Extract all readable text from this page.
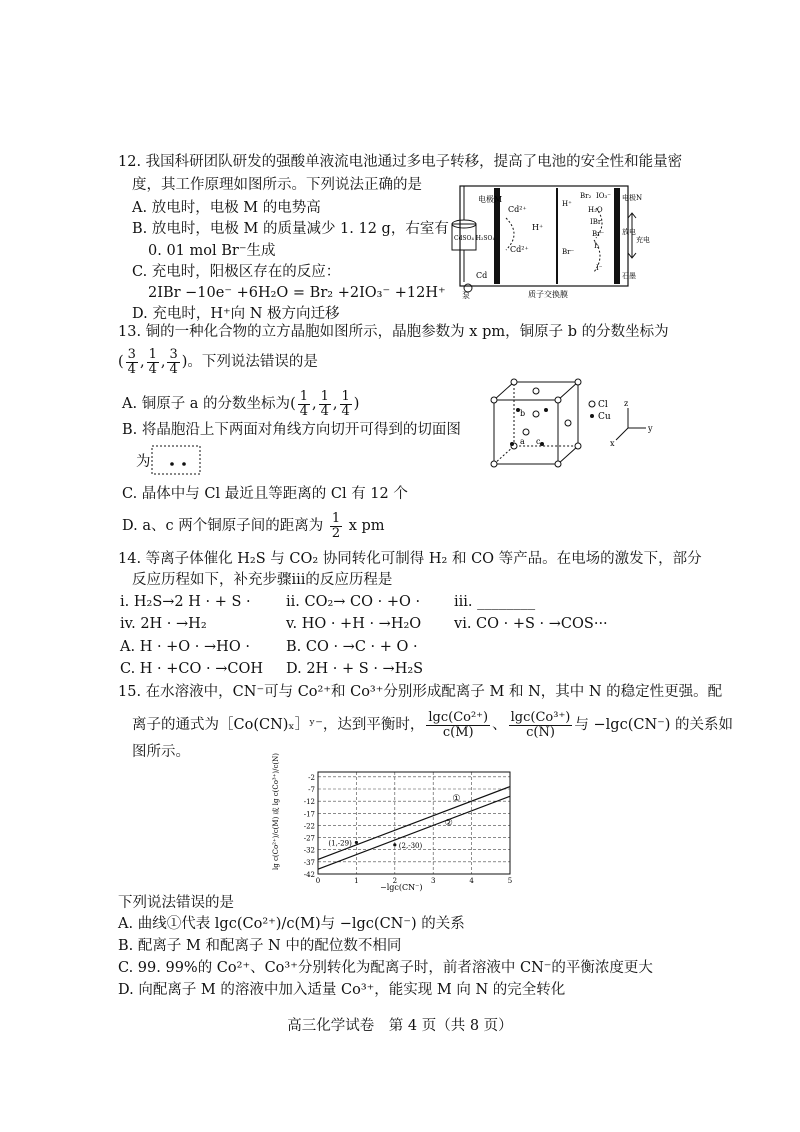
12. 我国科研团队研发的强酸单液流电池通过多电子转移，提高了电池的安全性和能量密
度，其工作原理如图所示。下列说法正确的是
A. 放电时，电极 M 的电势高
B. 放电时，电极 M 的质量减少 1. 12 g，右室有
0. 01 mol Br⁻生成
C. 充电时，阳极区存在的反应：
2IBr −10e⁻ +6H₂O = Br₂ +2IO₃⁻ +12H⁺
D. 充电时，H⁺向 N 极方向迁移
电极M
Cd²⁺
Cd²⁺
H⁺
CdSO₄ H₂SO₄
Cd
泵	质子交换膜
H⁺
Br₂ IO₃⁻
H₂O
IBr
Br⁻
I₂
Br⁻
I⁻
电极N
放电
充电
石墨
13. 铜的一种化合物的立方晶胞如图所示，晶胞参数为 x pm，铜原子 b 的分数坐标为
( $\frac{3}{4}$ , $\frac{1}{4}$ , $\frac{3}{4}$ )。下列说法错误的是
A. 铜原子 a 的分数坐标为( $\frac{1}{4}$ , $\frac{1}{4}$ , $\frac{1}{4}$ )
B. 将晶胞沿上下两面对角线方向切开可得到的切面图
为
C. 晶体中与 Cl 最近且等距离的 Cl 有 12 个
D. a、c 两个铜原子间的距离为 $\frac{1}{2}$ x pm
b
a c
Cl
Cu
z
y
x
14. 等离子体催化 H₂S 与 CO₂ 协同转化可制得 H₂ 和 CO 等产品。在电场的激发下，部分
反应历程如下，补充步骤iii的反应历程是
i. H₂S→2 H · + S · ii. CO₂→ CO · +O · iii. ________
iv. 2H · →H₂	v. HO · +H · →H₂O vi. CO · +S · →COS···
A. H · +O · →HO · B. CO · →C · + O ·
C. H · +CO · →COH D. 2H · + S · →H₂S
15. 在水溶液中，CN⁻可与 Co²⁺和 Co³⁺分别形成配离子 M 和 N，其中 N 的稳定性更强。配
离子的通式为［Co(CN)ₓ］ʸ⁻，达到平衡时， $\frac{\text{lgc(Co²⁺)}}{c(M)}$ 、 $\frac{\text{lgc(Co³⁺)}}{c(N)}$ 与 −lgc(CN⁻) 的关系如
图所示。
-2
-7
-12
-17
-22
-27
-32
-37
-42
0	1	2	3	4	5
(1,-29)	(2,-30)
①
②
−lgc(CN⁻)
lg c(Co²⁺)/c(M) 或 lg c(Co³⁺)/c(N)
下列说法错误的是
A. 曲线①代表 lgc(Co²⁺)/c(M)与 −lgc(CN⁻) 的关系
B. 配离子 M 和配离子 N 中的配位数不相同
C. 99. 99%的 Co²⁺、Co³⁺分别转化为配离子时，前者溶液中 CN⁻的平衡浓度更大
D. 向配离子 M 的溶液中加入适量 Co³⁺，能实现 M 向 N 的完全转化
高三化学试卷　第 4 页（共 8 页）
